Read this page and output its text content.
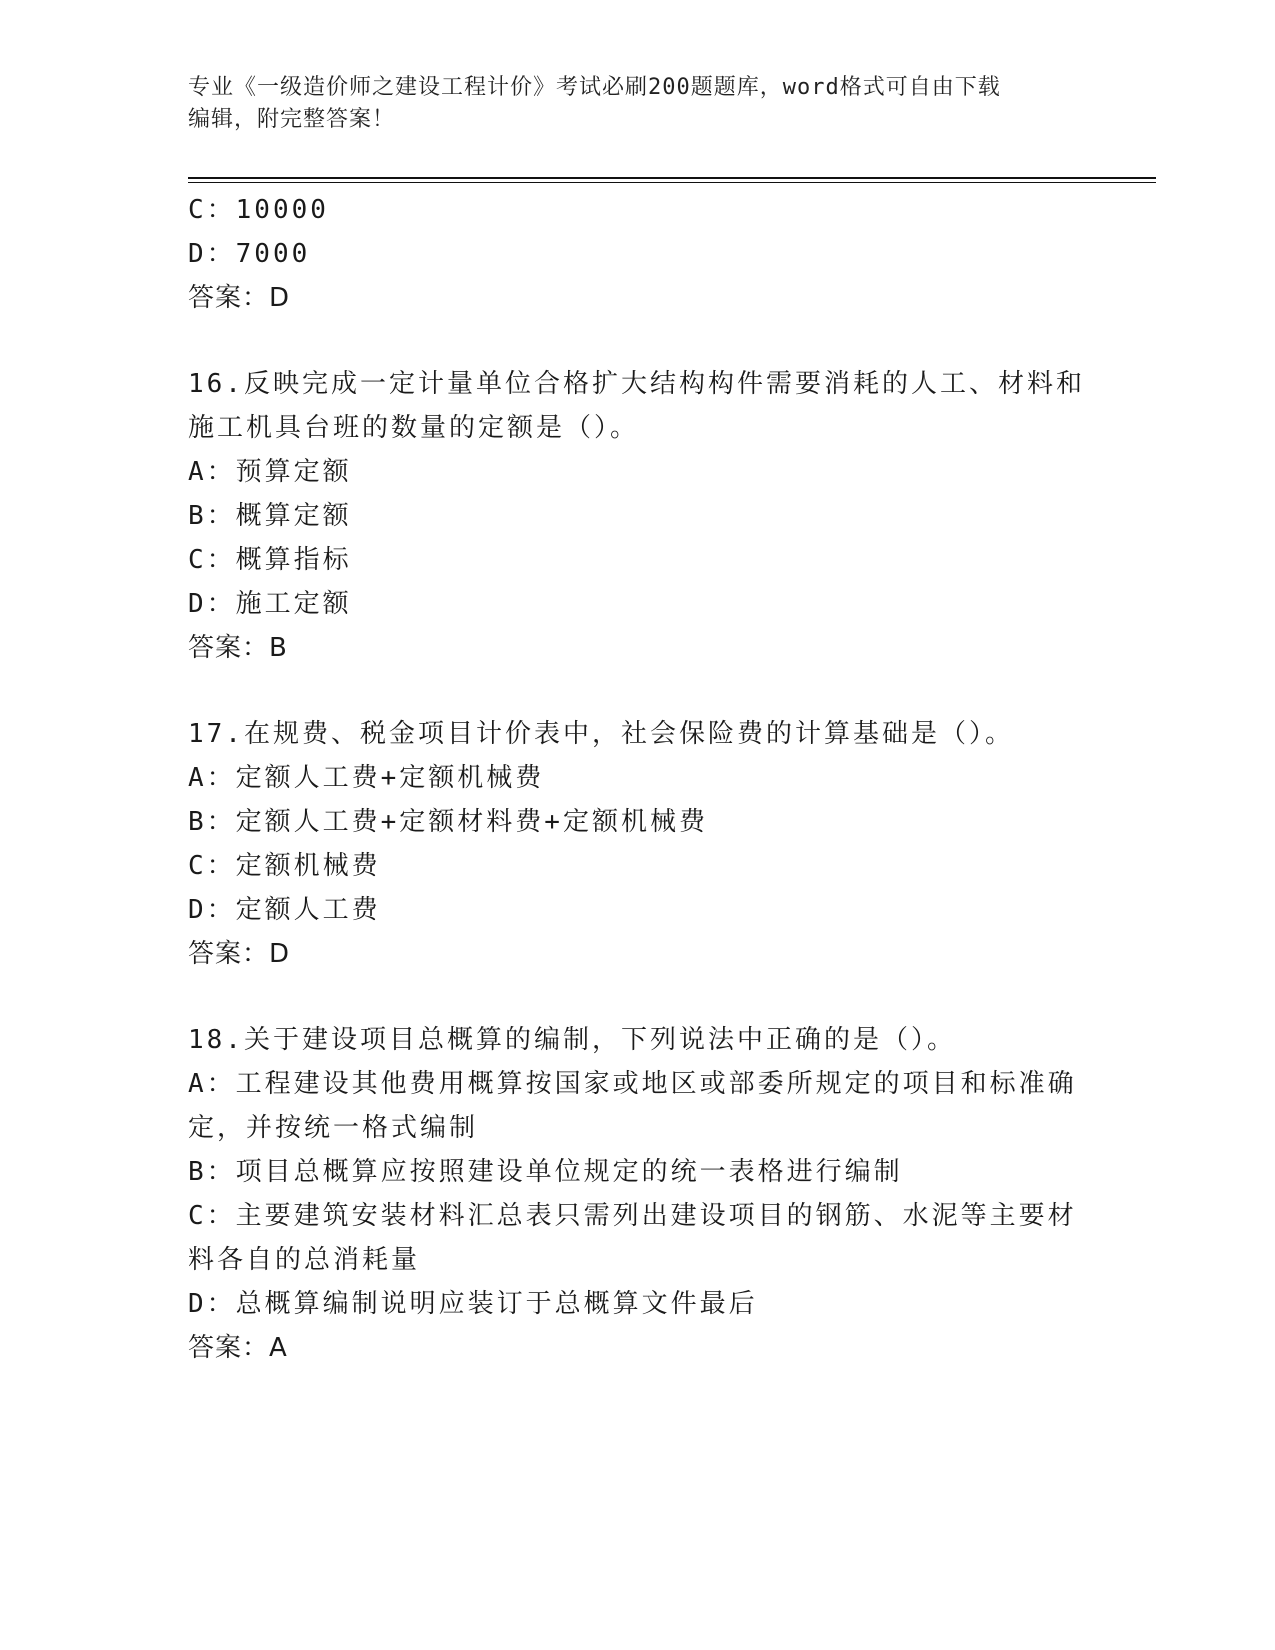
专业《一级造价师之建设工程计价》考试必刷200题题库，word格式可自由下载
编辑，附完整答案！
C：10000
D：7000
答案：D
16.反映完成一定计量单位合格扩大结构构件需要消耗的人工、材料和
施工机具台班的数量的定额是（）。
A：预算定额
B：概算定额
C：概算指标
D：施工定额
答案：B
17.在规费、税金项目计价表中，社会保险费的计算基础是（）。
A：定额人工费+定额机械费
B：定额人工费+定额材料费+定额机械费
C：定额机械费
D：定额人工费
答案：D
18.关于建设项目总概算的编制，下列说法中正确的是（）。
A：工程建设其他费用概算按国家或地区或部委所规定的项目和标准确
定，并按统一格式编制
B：项目总概算应按照建设单位规定的统一表格进行编制
C：主要建筑安装材料汇总表只需列出建设项目的钢筋、水泥等主要材
料各自的总消耗量
D：总概算编制说明应装订于总概算文件最后
答案：A
